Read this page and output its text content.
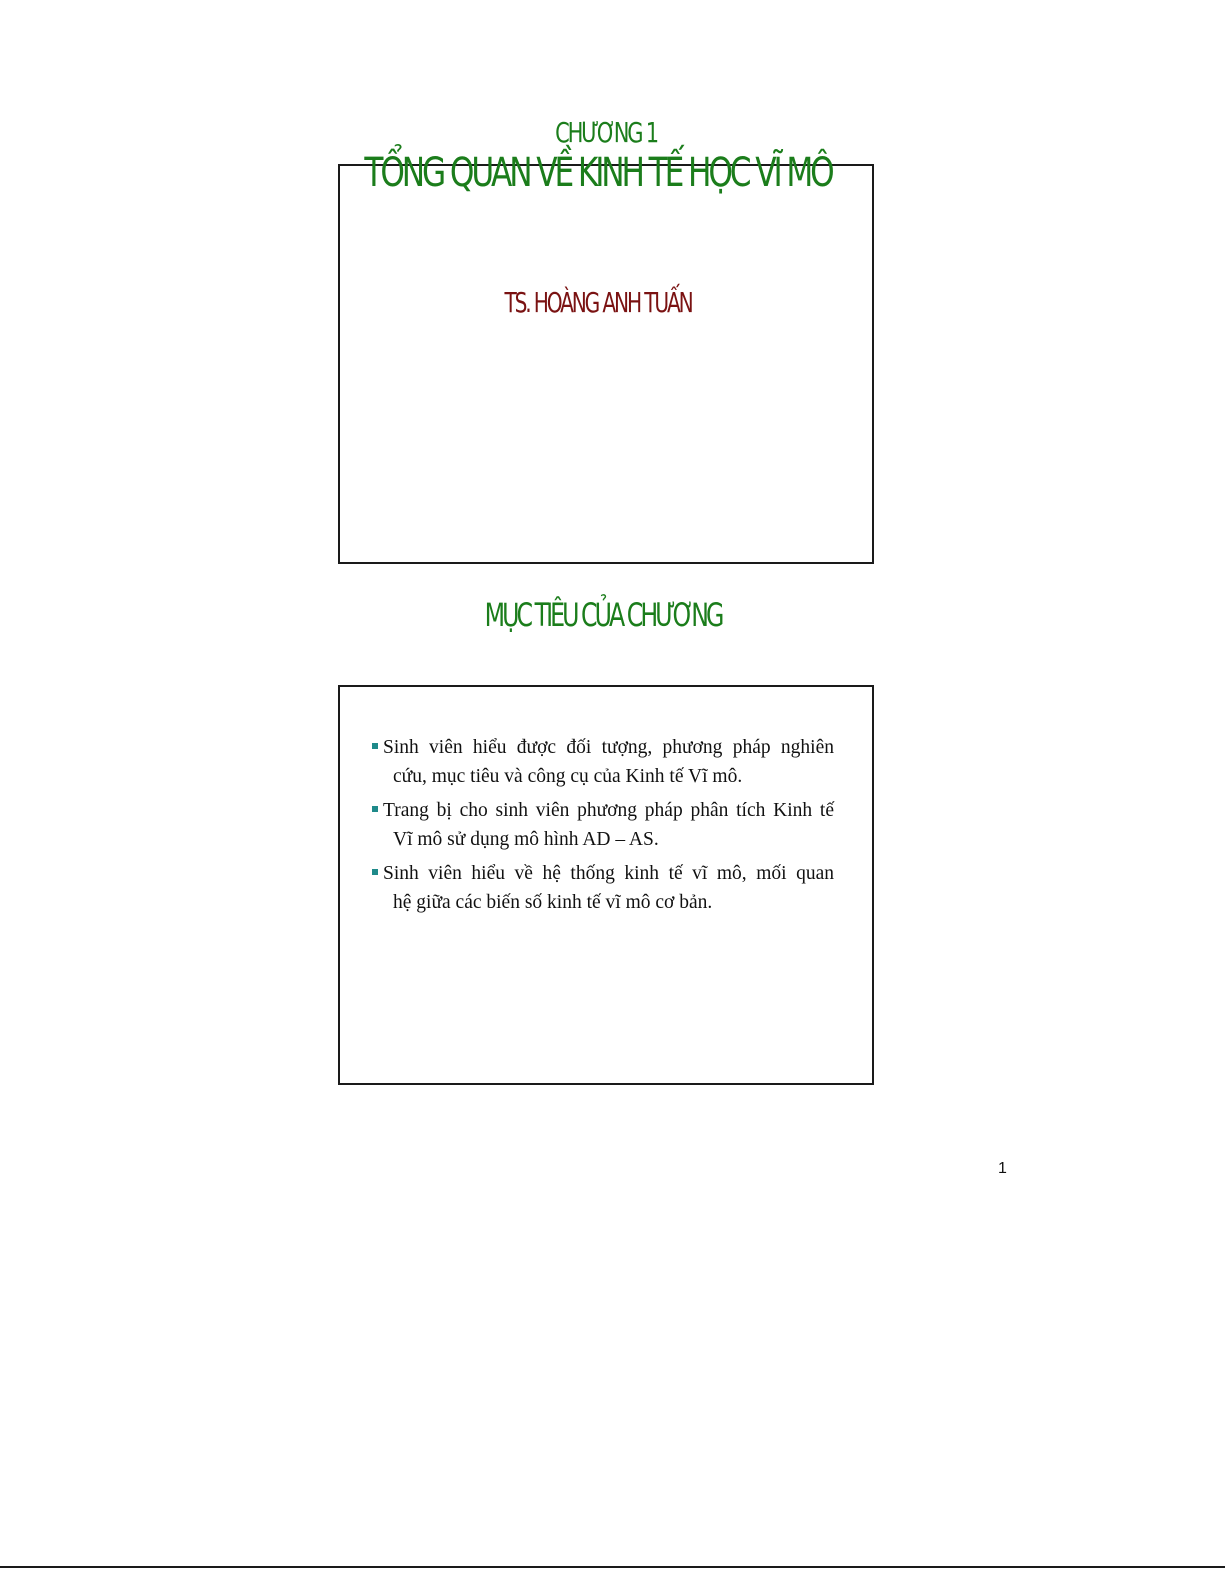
CHƯƠNG 1
TỔNG QUAN VỀ KINH TẾ HỌC VĨ MÔ
TS. HOÀNG ANH TUẤN
MỤC TIÊU CỦA CHƯƠNG
Sinh viên hiểu được đối tượng, phương pháp nghiên
cứu, mục tiêu và công cụ của Kinh tế Vĩ mô.
Trang bị cho sinh viên phương pháp phân tích Kinh tế
Vĩ mô sử dụng mô hình AD – AS.
Sinh viên hiểu về hệ thống kinh tế vĩ mô, mối quan
hệ giữa các biến số kinh tế vĩ mô cơ bản.
1
